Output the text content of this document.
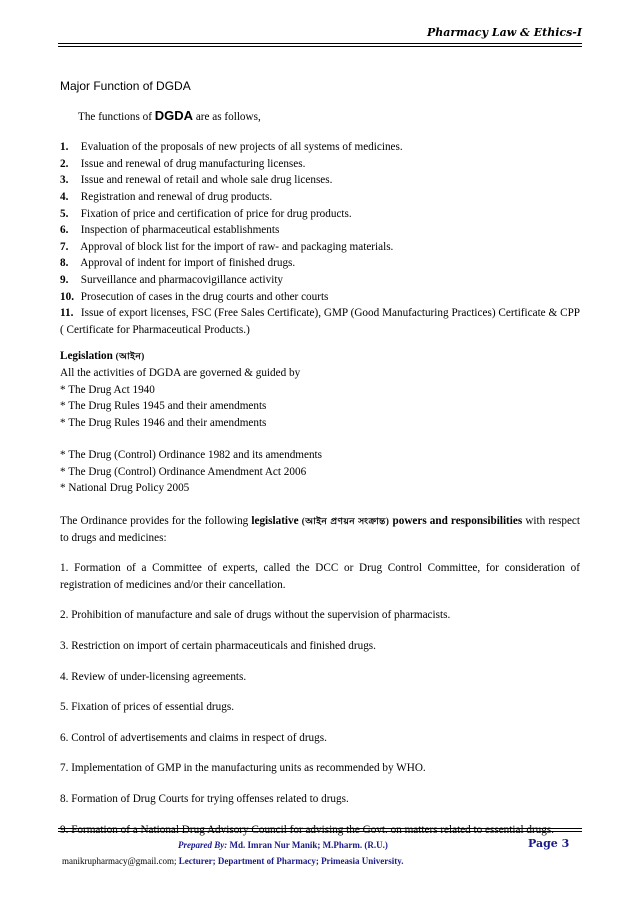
Pharmacy Law & Ethics-I
Major Function of DGDA
The functions of DGDA are as follows,
1. Evaluation of the proposals of new projects of all systems of medicines.
2. Issue and renewal of drug manufacturing licenses.
3. Issue and renewal of retail and whole sale drug licenses.
4. Registration and renewal of drug products.
5. Fixation of price and certification of price for drug products.
6. Inspection of pharmaceutical establishments
7. Approval of block list for the import of raw- and packaging materials.
8. Approval of indent for import of finished drugs.
9. Surveillance and pharmacovigillance activity
10. Prosecution of cases in the drug courts and other courts
11. Issue of export licenses, FSC (Free Sales Certificate), GMP (Good Manufacturing Practices) Certificate & CPP ( Certificate for Pharmaceutical Products.)
Legislation (আইন)
All the activities of DGDA are governed & guided by
* The Drug Act 1940
* The Drug Rules 1945 and their amendments
* The Drug Rules 1946 and their amendments
* The Drug (Control) Ordinance 1982 and its amendments
* The Drug (Control) Ordinance Amendment Act 2006
* National Drug Policy 2005
The Ordinance provides for the following legislative (আইন প্রণয়ন সংক্রান্ত) powers and responsibilities with respect to drugs and medicines:
1. Formation of a Committee of experts, called the DCC or Drug Control Committee, for consideration of registration of medicines and/or their cancellation.
2. Prohibition of manufacture and sale of drugs without the supervision of pharmacists.
3. Restriction on import of certain pharmaceuticals and finished drugs.
4. Review of under-licensing agreements.
5. Fixation of prices of essential drugs.
6. Control of advertisements and claims in respect of drugs.
7. Implementation of GMP in the manufacturing units as recommended by WHO.
8. Formation of Drug Courts for trying offenses related to drugs.
9. Formation of a National Drug Advisory Council for advising the Govt. on matters related to essential drugs.
Prepared By: Md. Imran Nur Manik; M.Pharm. (R.U.)	Page 3
manikrupharmacy@gmail.com; Lecturer; Department of Pharmacy; Primeasia University.
